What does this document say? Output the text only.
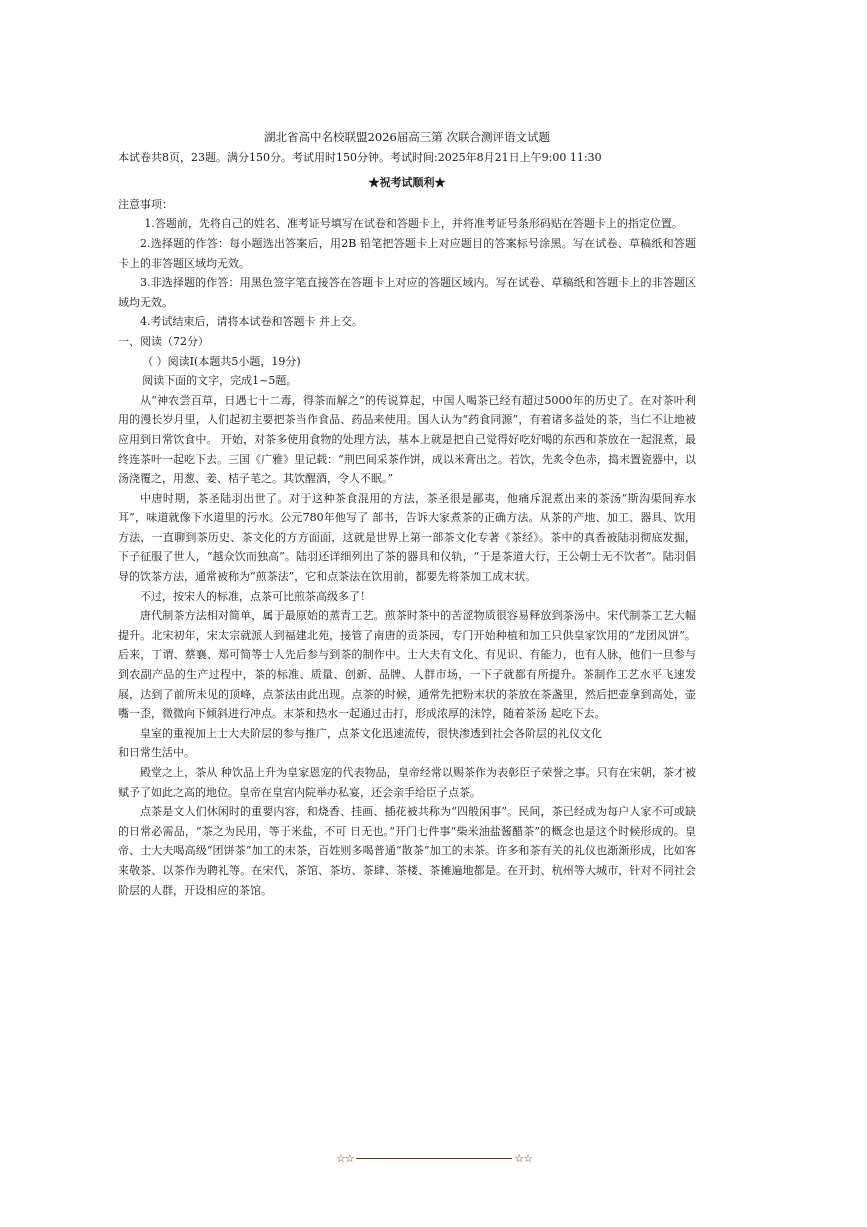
湖北省高中名校联盟2026届高三第 次联合测评语文试题
本试卷共8页，23题。满分150分。考试用时150分钟。考试时间:2025年8月21日上午9:00 11:30
★祝考试顺利★

注意事项：

1.答题前，先将自己的姓名、准考证号填写在试卷和答题卡上，并将准考证号条形码贴在答题卡上的指定位置。

2.选择题的作答：每小题选出答案后，用2B 铅笔把答题卡上对应题目的答案标号涂黑。写在试卷、草稿纸和答题卡上的非答题区域均无效。

3.非选择题的作答：用黑色签字笔直接答在答题卡上对应的答题区域内。写在试卷、草稿纸和答题卡上的非答题区域均无效。

4.考试结束后，请将本试卷和答题卡 并上交。

一、阅读（72分）

（ ）阅读Ⅰ(本题共5小题，19分)

阅读下面的文字，完成1~5题。

从“神农尝百草，日遇七十二毒，得茶而解之”的传说算起，中国人喝茶已经有超过5000年的历史了。在对茶叶利用的漫长岁月里，人们起初主要把茶当作食品、药品来使用。国人认为“药食同源”，有着诸多益处的茶，当仁不让地被应用到日常饮食中。 开始，对茶多使用食物的处理方法，基本上就是把自己觉得好吃好喝的东西和茶放在一起混煮，最终连茶叶一起吃下去。三国《广雅》里记载：“荆巴间采茶作饼，成以米膏出之。若饮，先炙令色赤，捣末置瓷器中，以汤浇覆之，用葱、姜、桔子芼之。其饮醒酒，令人不眠。”

中唐时期，茶圣陆羽出世了。对于这种茶食混用的方法，茶圣很是鄙夷，他痛斥混煮出来的茶汤“斯沟渠间弃水耳”，味道就像下水道里的污水。公元780年他写了 部书，告诉大家煮茶的正确方法。从茶的产地、加工、器具、饮用方法，一直聊到茶历史、茶文化的方方面面，这就是世界上第一部茶文化专著《茶经》。茶中的真香被陆羽彻底发掘， 下子征服了世人，“越众饮而独高”。陆羽还详细列出了茶的器具和仪轨，“于是茶道大行，王公朝士无不饮者”。陆羽倡导的饮茶方法，通常被称为“煎茶法”，它和点茶法在饮用前，都要先将茶加工成末状。

不过，按宋人的标准，点茶可比煎茶高级多了！

唐代制茶方法相对简单，属于最原始的蒸青工艺。煎茶时茶中的苦涩物质很容易释放到茶汤中。宋代制茶工艺大幅提升。北宋初年，宋太宗就派人到福建北苑，接管了南唐的贡茶园，专门开始种植和加工只供皇家饮用的“龙团凤饼”。后来，丁谓、蔡襄、郑可简等士人先后参与到茶的制作中。士大夫有文化、有见识、有能力，也有人脉，他们一旦参与到农副产品的生产过程中，茶的标准、质量、创新、品牌、人群市场，一下子就都有所提升。茶制作工艺水平飞速发展，达到了前所未见的顶峰，点茶法由此出现。点茶的时候，通常先把粉末状的茶放在茶盏里，然后把壶拿到高处，壶嘴一歪，微微向下倾斜进行冲点。末茶和热水一起通过击打，形成浓厚的沫饽，随着茶汤 起吃下去。

皇室的重视加上士大夫阶层的参与推广，点茶文化迅速流传，很快渗透到社会各阶层的礼仪文化

和日常生活中。

殿堂之上，茶从 种饮品上升为皇家恩宠的代表物品，皇帝经常以赐茶作为表彰臣子荣誉之事。只有在宋朝，茶才被赋予了如此之高的地位。皇帝在皇宫内院举办私宴，还会亲手给臣子点茶。

点茶是文人们休闲时的重要内容，和烧香、挂画、插花被共称为“四般闲事”。民间，茶已经成为每户人家不可或缺的日常必需品，“茶之为民用，等于米盐，不可 日无也。”开门七件事“柴米油盐酱醋茶”的概念也是这个时候形成的。皇帝、士大夫喝高级“团饼茶”加工的末茶，百姓则多喝普通“散茶”加工的末茶。许多和茶有关的礼仪也渐渐形成，比如客来敬茶、以茶作为聘礼等。在宋代，茶馆、茶坊、茶肆、茶楼、茶摊遍地都是。在开封、杭州等大城市，针对不同社会阶层的人群，开设相应的茶馆。

☆☆	☆☆
